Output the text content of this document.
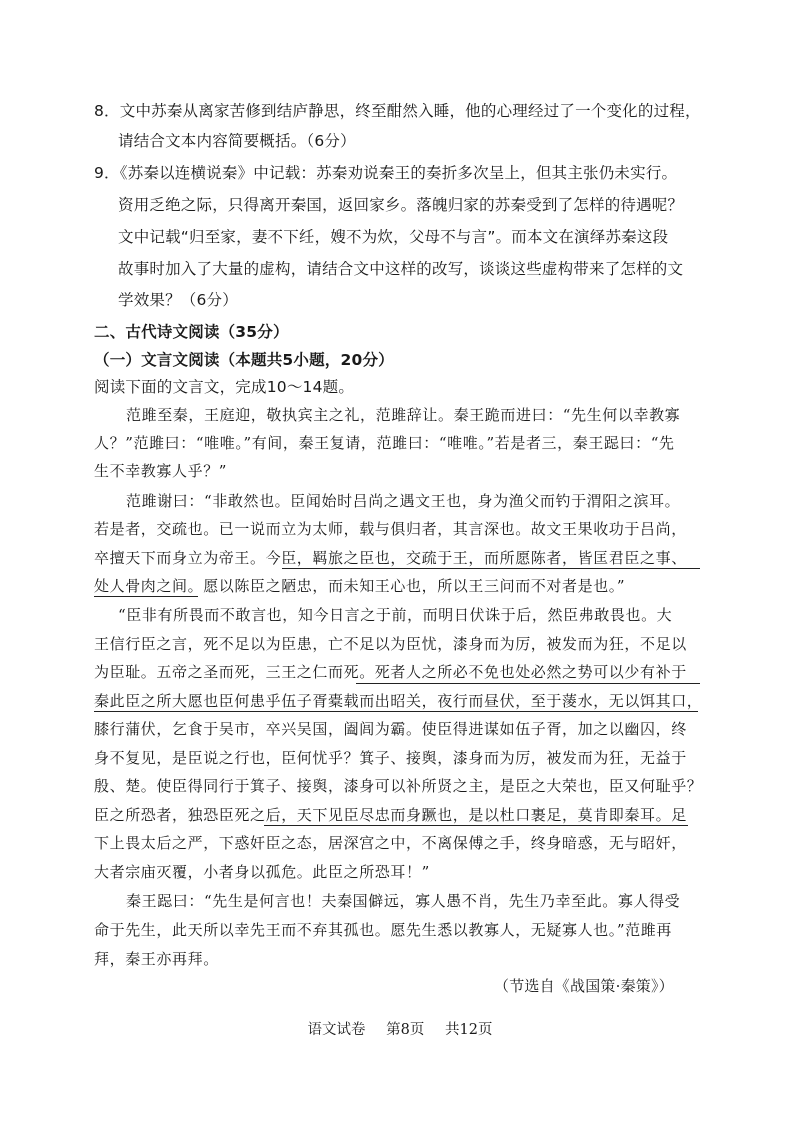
8．文中苏秦从离家苦修到结庐静思，终至酣然入睡，他的心理经过了一个变化的过程，
请结合文本内容简要概括。（6分）
9．《苏秦以连横说秦》中记载：苏秦劝说秦王的奏折多次呈上，但其主张仍未实行。
资用乏绝之际，只得离开秦国，返回家乡。落魄归家的苏秦受到了怎样的待遇呢？
文中记载“归至家，妻不下纴，嫂不为炊，父母不与言”。而本文在演绎苏秦这段
故事时加入了大量的虚构，请结合文中这样的改写，谈谈这些虚构带来了怎样的文
学效果？（6分）
二、古代诗文阅读（35分）
（一）文言文阅读（本题共5小题，20分）
阅读下面的文言文，完成10～14题。
范雎至秦，王庭迎，敬执宾主之礼，范雎辞让。秦王跪而进曰：“先生何以幸教寡
人？”范雎曰：“唯唯。”有间，秦王复请，范雎曰：“唯唯。”若是者三，秦王跽曰：“先
生不幸教寡人乎？”
范雎谢曰：“非敢然也。臣闻始时吕尚之遇文王也，身为渔父而钓于渭阳之滨耳。
若是者，交疏也。已一说而立为太师，载与俱归者，其言深也。故文王果收功于吕尚，
卒擅天下而身立为帝王。今臣，羁旅之臣也，交疏于王，而所愿陈者，皆匡君臣之事、
处人骨肉之间。愿以陈臣之陋忠，而未知王心也，所以王三问而不对者是也。”
“臣非有所畏而不敢言也，知今日言之于前，而明日伏诛于后，然臣弗敢畏也。大
王信行臣之言，死不足以为臣患，亡不足以为臣忧，漆身而为厉，被发而为狂，不足以
为臣耻。五帝之圣而死，三王之仁而死。死者人之所必不免也处必然之势可以少有补于
秦此臣之所大愿也臣何患乎伍子胥橐载而出昭关，夜行而昼伏，至于蔆水，无以饵其口，
膝行蒲伏，乞食于吴市，卒兴吴国，阖闾为霸。使臣得进谋如伍子胥，加之以幽囚，终
身不复见，是臣说之行也，臣何忧乎？箕子、接舆，漆身而为厉，被发而为狂，无益于
殷、楚。使臣得同行于箕子、接舆，漆身可以补所贤之主，是臣之大荣也，臣又何耻乎？
臣之所恐者，独恐臣死之后，天下见臣尽忠而身蹶也，是以杜口裹足，莫肯即秦耳。足
下上畏太后之严，下惑奸臣之态，居深宫之中，不离保傅之手，终身暗惑，无与昭奸，
大者宗庙灭覆，小者身以孤危。此臣之所恐耳！”
秦王跽曰：“先生是何言也！夫秦国僻远，寡人愚不肖，先生乃幸至此。寡人得受
命于先生，此天所以幸先王而不弃其孤也。愿先生悉以教寡人，无疑寡人也。”范雎再
拜，秦王亦再拜。
（节选自《战国策·秦策》）
语文试卷 第8页 共12页
